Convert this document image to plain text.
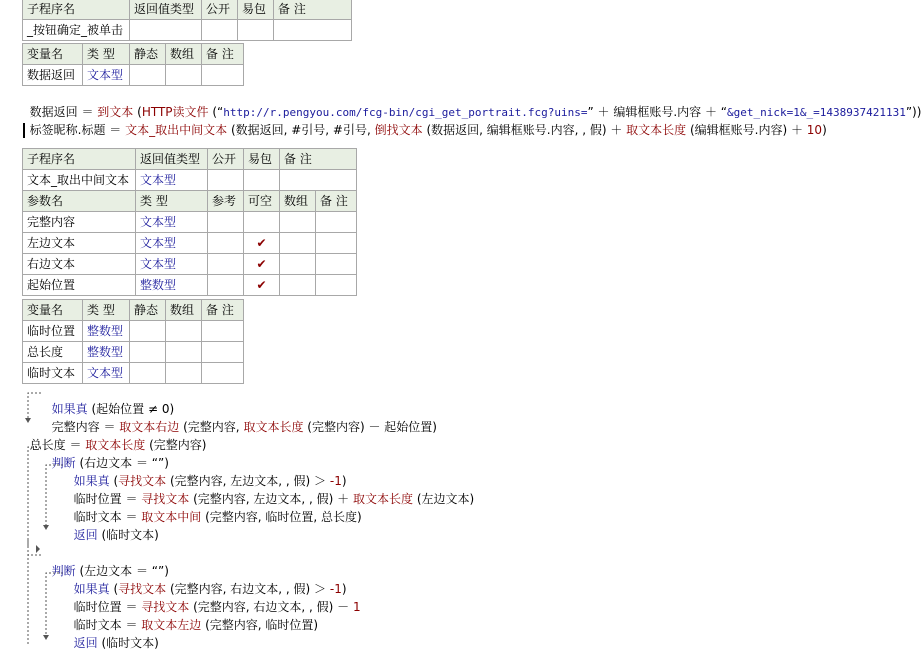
子程序名	返回值类型	公开	易包	备 注
_按钮确定_被单击				
变量名	类 型	静态	数组	备 注
数据返回	文本型			

数据返回 ＝ 到文本 (HTTP读文件 (“http://r.pengyou.com/fcg-bin/cgi_get_portrait.fcg?uins=” ＋ 编辑框账号.内容 ＋ “&get_nick=1&_=1438937421131”))

标签昵称.标题 ＝ 文本_取出中间文本 (数据返回, #引号, #引号, 倒找文本 (数据返回, 编辑框账号.内容, , 假) ＋ 取文本长度 (编辑框账号.内容) ＋ 10)

子程序名	返回值类型	公开	易包	备 注	
文本_取出中间文本	文本型				
参数名	类 型	参考	可空	数组	备 注
完整内容	文本型				
左边文本	文本型		✔		
右边文本	文本型		✔		
起始位置	整数型		✔		
变量名	类 型	静态	数组	备 注
临时位置	整数型			
总长度	整数型			
临时文本	文本型			

如果真 (起始位置 ≠ 0)

完整内容 ＝ 取文本右边 (完整内容, 取文本长度 (完整内容) － 起始位置)

总长度 ＝ 取文本长度 (完整内容)

判断 (右边文本 ＝ “”)

如果真 (寻找文本 (完整内容, 左边文本, , 假) ＞ -1)

临时位置 ＝ 寻找文本 (完整内容, 左边文本, , 假) ＋ 取文本长度 (左边文本)

临时文本 ＝ 取文本中间 (完整内容, 临时位置, 总长度)

返回 (临时文本)

判断 (左边文本 ＝ “”)

如果真 (寻找文本 (完整内容, 右边文本, , 假) ＞ -1)

临时位置 ＝ 寻找文本 (完整内容, 右边文本, , 假) － 1

临时文本 ＝ 取文本左边 (完整内容, 临时位置)

返回 (临时文本)
